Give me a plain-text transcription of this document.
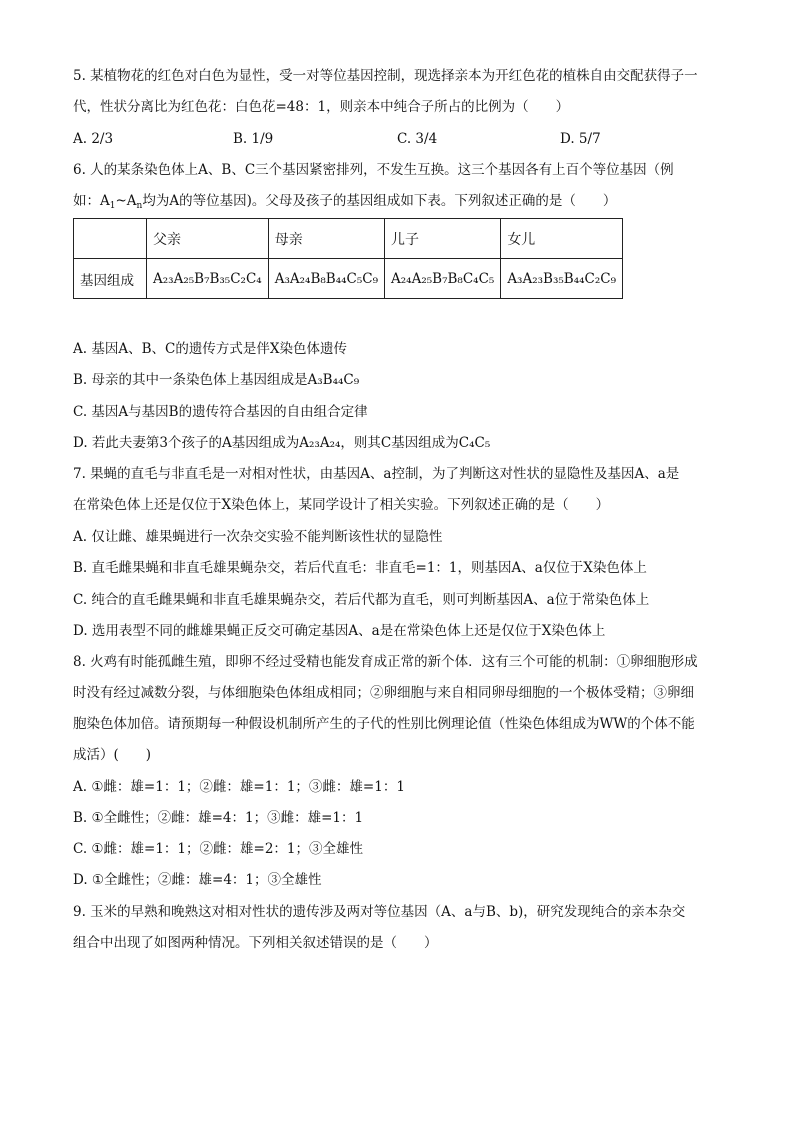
5. 某植物花的红色对白色为显性，受一对等位基因控制，现选择亲本为开红色花的植株自由交配获得子一
代，性状分离比为红色花：白色花=48：1，则亲本中纯合子所占的比例为（　　）
A. 2/3	B. 1/9	C. 3/4	D. 5/7
6. 人的某条染色体上A、B、C三个基因紧密排列，不发生互换。这三个基因各有上百个等位基因（例
如：$A_1\sim A_n$均为A的等位基因)。父母及孩子的基因组成如下表。下列叙述正确的是（　　）
	父亲	母亲	儿子	女儿
基因组成	A₂₃A₂₅B₇B₃₅C₂C₄	A₃A₂₄B₈B₄₄C₅C₉	A₂₄A₂₅B₇B₈C₄C₅	A₃A₂₃B₃₅B₄₄C₂C₉
A. 基因A、B、C的遗传方式是伴X染色体遗传
B. 母亲的其中一条染色体上基因组成是A₃B₄₄C₉
C. 基因A与基因B的遗传符合基因的自由组合定律
D. 若此夫妻第3个孩子的A基因组成为A₂₃A₂₄，则其C基因组成为C₄C₅
7. 果蝇的直毛与非直毛是一对相对性状，由基因A、a控制，为了判断这对性状的显隐性及基因A、a是
在常染色体上还是仅位于X染色体上，某同学设计了相关实验。下列叙述正确的是（　　）
A. 仅让雌、雄果蝇进行一次杂交实验不能判断该性状的显隐性
B. 直毛雌果蝇和非直毛雄果蝇杂交，若后代直毛：非直毛=1：1，则基因A、a仅位于X染色体上
C. 纯合的直毛雌果蝇和非直毛雄果蝇杂交，若后代都为直毛，则可判断基因A、a位于常染色体上
D. 选用表型不同的雌雄果蝇正反交可确定基因A、a是在常染色体上还是仅位于X染色体上
8. 火鸡有时能孤雌生殖，即卵不经过受精也能发育成正常的新个体．这有三个可能的机制：①卵细胞形成
时没有经过减数分裂，与体细胞染色体组成相同；②卵细胞与来自相同卵母细胞的一个极体受精；③卵细
胞染色体加倍。请预期每一种假设机制所产生的子代的性别比例理论值（性染色体组成为WW的个体不能
成活）(　　)
A. ①雌：雄=1：1；②雌：雄=1：1；③雌：雄=1：1
B. ①全雌性；②雌：雄=4：1；③雌：雄=1：1
C. ①雌：雄=1：1；②雌：雄=2：1；③全雄性
D. ①全雌性；②雌：雄=4：1；③全雄性
9. 玉米的早熟和晚熟这对相对性状的遗传涉及两对等位基因（A、a与B、b)，研究发现纯合的亲本杂交
组合中出现了如图两种情况。下列相关叙述错误的是（　　）
